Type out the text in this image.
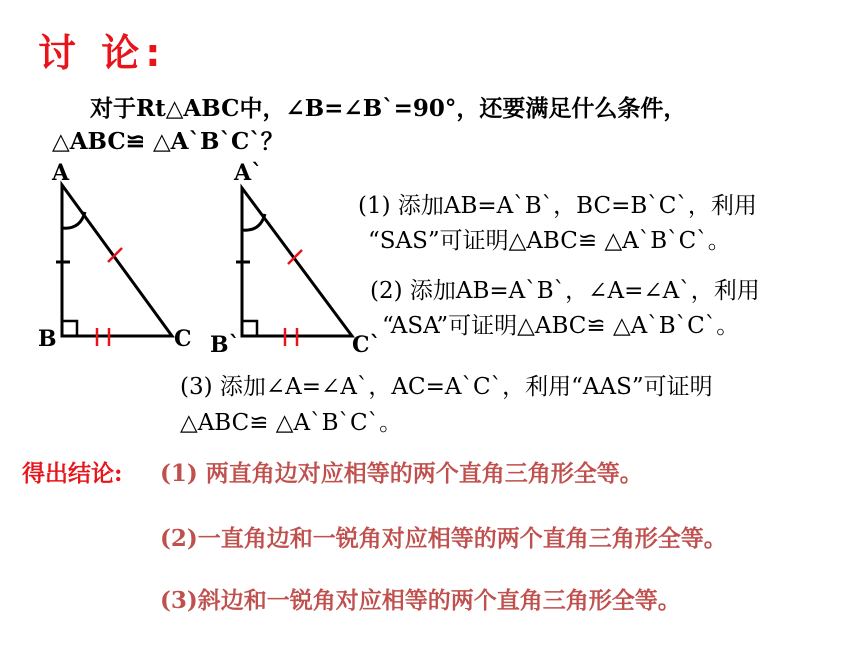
讨 论:
对于Rt△ABC中，∠B=∠B`=90°，还要满足什么条件，
△ABC≌ △A`B`C`？
A
B	C
A`
B`	C`
(1) 添加AB=A`B`，BC=B`C`，利用
“SAS”可证明△ABC≌ △A`B`C`。
(2) 添加AB=A`B`，∠A=∠A`，利用
“ASA”可证明△ABC≌ △A`B`C`。
(3) 添加∠A=∠A`，AC=A`C`，利用“AAS”可证明
△ABC≌ △A`B`C`。
得出结论: (1) 两直角边对应相等的两个直角三角形全等。
(2)一直角边和一锐角对应相等的两个直角三角形全等。
(3)斜边和一锐角对应相等的两个直角三角形全等。
